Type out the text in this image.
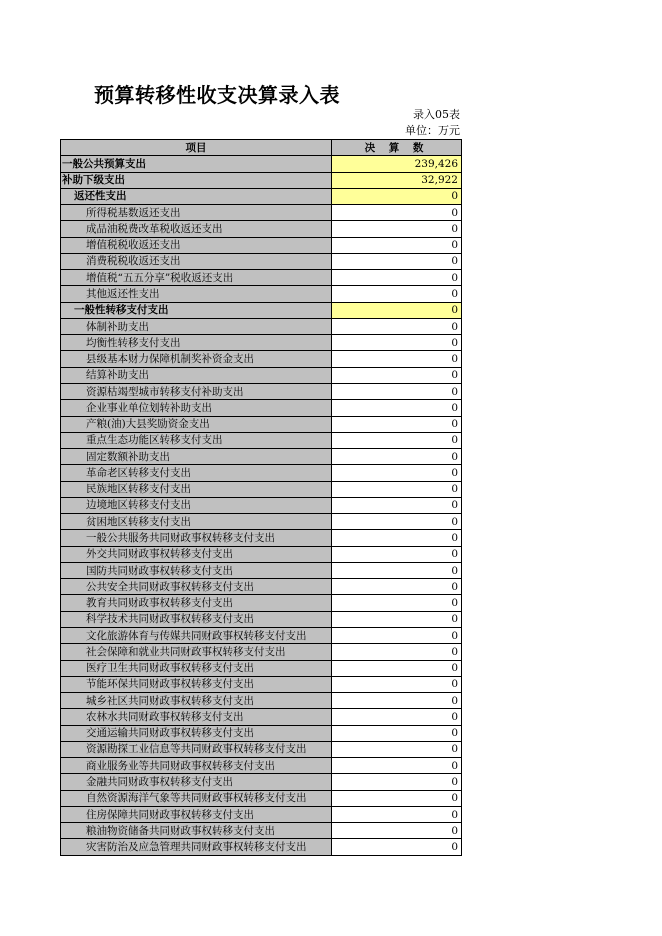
预算转移性收支决算录入表
录入05表
单位：万元
项目	决 算 数
一般公共预算支出	239,426
补助下级支出	32,922
返还性支出	0
所得税基数返还支出	0
成品油税费改革税收返还支出	0
增值税税收返还支出	0
消费税税收返还支出	0
增值税“五五分享”税收返还支出	0
其他返还性支出	0
一般性转移支付支出	0
体制补助支出	0
均衡性转移支付支出	0
县级基本财力保障机制奖补资金支出	0
结算补助支出	0
资源枯竭型城市转移支付补助支出	0
企业事业单位划转补助支出	0
产粮(油)大县奖励资金支出	0
重点生态功能区转移支付支出	0
固定数额补助支出	0
革命老区转移支付支出	0
民族地区转移支付支出	0
边境地区转移支付支出	0
贫困地区转移支付支出	0
一般公共服务共同财政事权转移支付支出	0
外交共同财政事权转移支付支出	0
国防共同财政事权转移支付支出	0
公共安全共同财政事权转移支付支出	0
教育共同财政事权转移支付支出	0
科学技术共同财政事权转移支付支出	0
文化旅游体育与传媒共同财政事权转移支付支出	0
社会保障和就业共同财政事权转移支付支出	0
医疗卫生共同财政事权转移支付支出	0
节能环保共同财政事权转移支付支出	0
城乡社区共同财政事权转移支付支出	0
农林水共同财政事权转移支付支出	0
交通运输共同财政事权转移支付支出	0
资源勘探工业信息等共同财政事权转移支付支出	0
商业服务业等共同财政事权转移支付支出	0
金融共同财政事权转移支付支出	0
自然资源海洋气象等共同财政事权转移支付支出	0
住房保障共同财政事权转移支付支出	0
粮油物资储备共同财政事权转移支付支出	0
灾害防治及应急管理共同财政事权转移支付支出	0
